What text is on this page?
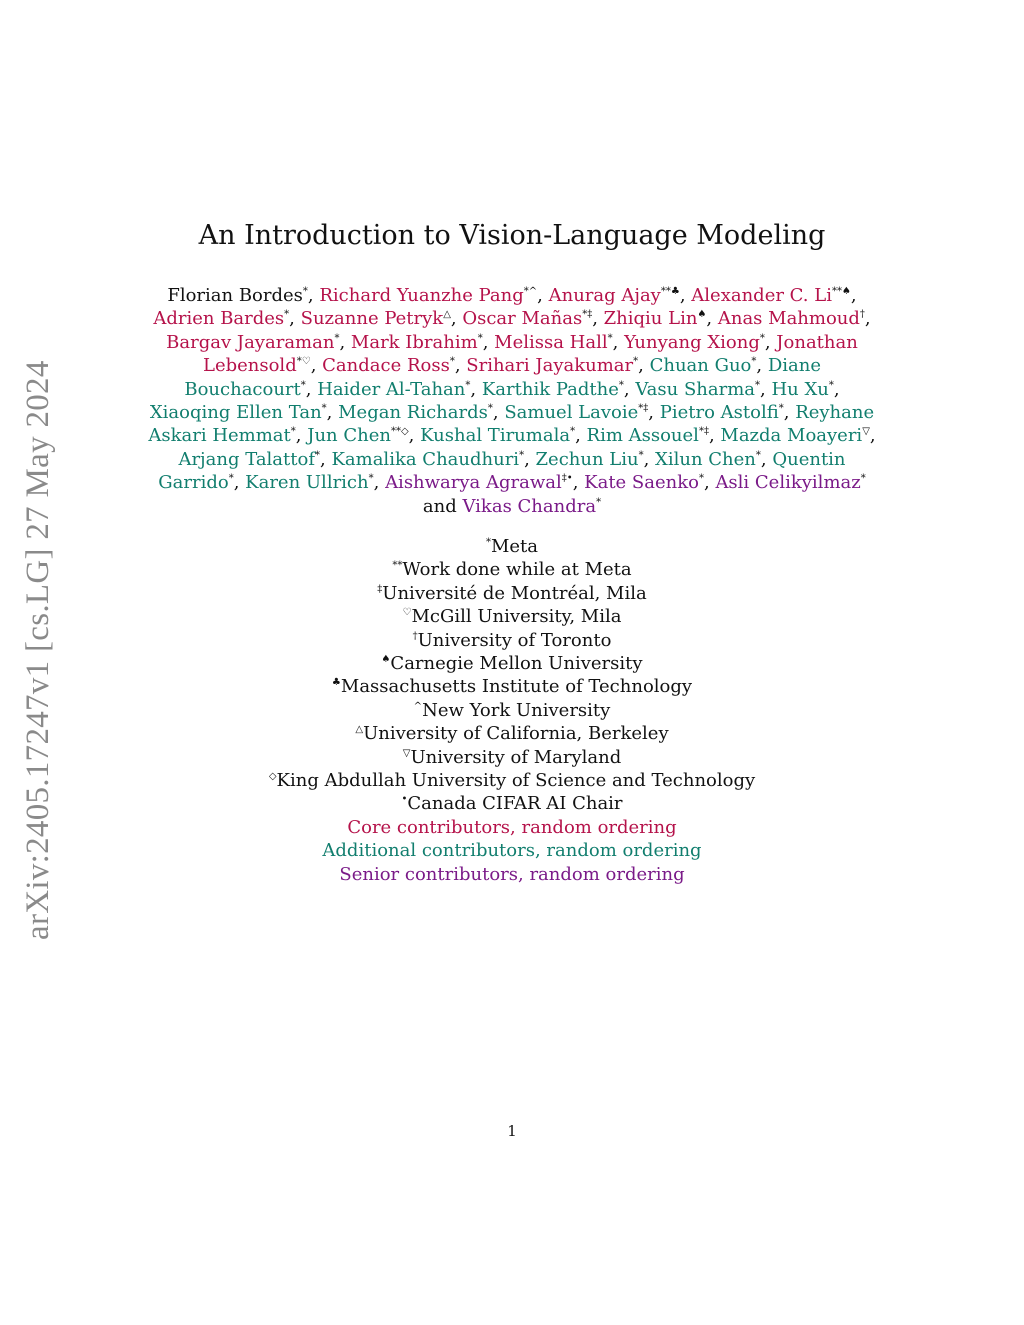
arXiv:2405.17247v1 [cs.LG] 27 May 2024
An Introduction to Vision-Language Modeling

Florian Bordes*, Richard Yuanzhe Pang*^, Anurag Ajay**♣, Alexander C. Li**♠, Adrien Bardes*, Suzanne Petryk△, Oscar Mañas*‡, Zhiqiu Lin♠, Anas Mahmoud†, Bargav Jayaraman*, Mark Ibrahim*, Melissa Hall*, Yunyang Xiong*, Jonathan Lebensold*♡, Candace Ross*, Srihari Jayakumar*, Chuan Guo*, Diane Bouchacourt*, Haider Al-Tahan*, Karthik Padthe*, Vasu Sharma*, Hu Xu*, Xiaoqing Ellen Tan*, Megan Richards*, Samuel Lavoie*‡, Pietro Astolfi*, Reyhane Askari Hemmat*, Jun Chen**◇, Kushal Tirumala*, Rim Assouel*‡, Mazda Moayeri▽, Arjang Talattof*, Kamalika Chaudhuri*, Zechun Liu*, Xilun Chen*, Quentin Garrido*, Karen Ullrich*, Aishwarya Agrawal‡•, Kate Saenko*, Asli Celikyilmaz* and Vikas Chandra*

*Meta
**Work done while at Meta
‡Université de Montréal, Mila
♡McGill University, Mila
†University of Toronto
♠Carnegie Mellon University
♣Massachusetts Institute of Technology
^New York University
△University of California, Berkeley
▽University of Maryland
◇King Abdullah University of Science and Technology
•Canada CIFAR AI Chair
Core contributors, random ordering
Additional contributors, random ordering
Senior contributors, random ordering
1
